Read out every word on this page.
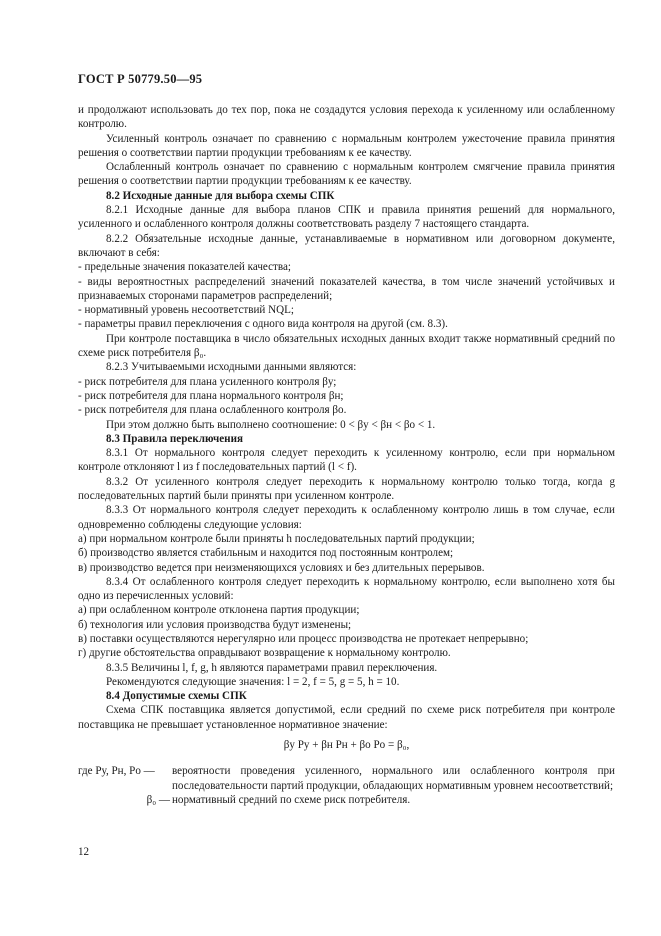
ГОСТ Р 50779.50—95

и продолжают использовать до тех пор, пока не создадутся условия перехода к усиленному или ослабленному контролю.

Усиленный контроль означает по сравнению с нормальным контролем ужесточение правила принятия решения о соответствии партии продукции требованиям к ее качеству.

Ослабленный контроль означает по сравнению с нормальным контролем смягчение правила принятия решения о соответствии партии продукции требованиям к ее качеству.

8.2 Исходные данные для выбора схемы СПК

8.2.1 Исходные данные для выбора планов СПК и правила принятия решений для нормального, усиленного и ослабленного контроля должны соответствовать разделу 7 настоящего стандарта.

8.2.2 Обязательные исходные данные, устанавливаемые в нормативном или договорном документе, включают в себя:

- предельные значения показателей качества;

- виды вероятностных распределений значений показателей качества, в том числе значений устойчивых и признаваемых сторонами параметров распределений;

- нормативный уровень несоответствий NQL;

- параметры правил переключения с одного вида контроля на другой (см. 8.3).

При контроле поставщика в число обязательных исходных данных входит также нормативный средний по схеме риск потребителя β₀.

8.2.3 Учитываемыми исходными данными являются:

- риск потребителя для плана усиленного контроля βу;

- риск потребителя для плана нормального контроля βн;

- риск потребителя для плана ослабленного контроля βо.

При этом должно быть выполнено соотношение: 0 < βу < βн < βо < 1.

8.3 Правила переключения

8.3.1 От нормального контроля следует переходить к усиленному контролю, если при нормальном контроле отклоняют l из f последовательных партий (l < f).

8.3.2 От усиленного контроля следует переходить к нормальному контролю только тогда, когда g последовательных партий были приняты при усиленном контроле.

8.3.3 От нормального контроля следует переходить к ослабленному контролю лишь в том случае, если одновременно соблюдены следующие условия:

а) при нормальном контроле были приняты h последовательных партий продукции;

б) производство является стабильным и находится под постоянным контролем;

в) производство ведется при неизменяющихся условиях и без длительных перерывов.

8.3.4 От ослабленного контроля следует переходить к нормальному контролю, если выполнено хотя бы одно из перечисленных условий:

а) при ослабленном контроле отклонена партия продукции;

б) технология или условия производства будут изменены;

в) поставки осуществляются нерегулярно или процесс производства не протекает непрерывно;

г) другие обстоятельства оправдывают возвращение к нормальному контролю.

8.3.5 Величины l, f, g, h являются параметрами правил переключения.

Рекомендуются следующие значения: l = 2, f = 5, g = 5, h = 10.

8.4 Допустимые схемы СПК

Схема СПК поставщика является допустимой, если средний по схеме риск потребителя при контроле поставщика не превышает установленное нормативное значение:

βу Pу + βн Pн + βо Pо = β₀,

где Pу, Pн, Pо —	вероятности проведения усиленного, нормального или ослабленного контроля при последовательности партий продукции, обладающих нормативным уровнем несоответствий;
β₀ — нормативный средний по схеме риск потребителя.
12
